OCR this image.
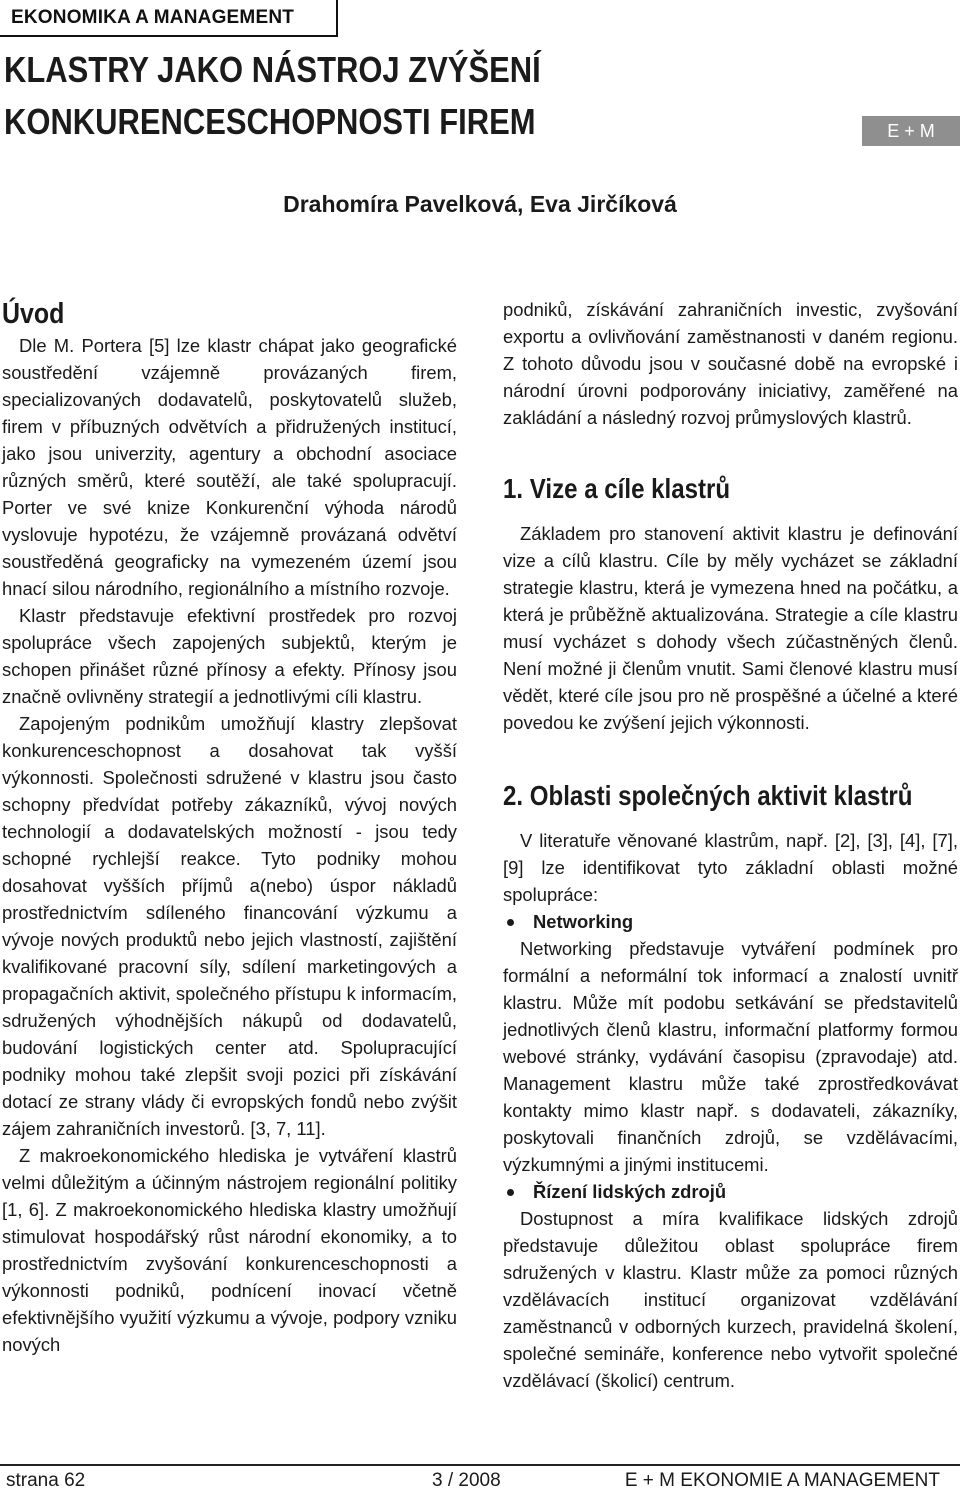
EKONOMIKA A MANAGEMENT
KLASTRY JAKO NÁSTROJ ZVÝŠENÍ
KONKURENCESCHOPNOSTI FIREM	E + M
Drahomíra Pavelková, Eva Jirčíková
Úvod

Dle M. Portera [5] lze klastr chápat jako geografické soustředění vzájemně provázaných firem, specializovaných dodavatelů, poskytovatelů služeb, firem v příbuzných odvětvích a přidružených institucí, jako jsou univerzity, agentury a obchodní asociace různých směrů, které soutěží, ale také spolupracují. Porter ve své knize Konkurenční výhoda národů vyslovuje hypotézu, že vzájemně provázaná odvětví soustředěná geograficky na vymezeném území jsou hnací silou národního, regionálního a místního rozvoje.

Klastr představuje efektivní prostředek pro rozvoj spolupráce všech zapojených subjektů, kterým je schopen přinášet různé přínosy a efekty. Přínosy jsou značně ovlivněny strategií a jednotlivými cíli klastru.

Zapojeným podnikům umožňují klastry zlepšovat konkurenceschopnost a dosahovat tak vyšší výkonnosti. Společnosti sdružené v klastru jsou často schopny předvídat potřeby zákazníků, vývoj nových technologií a dodavatelských možností - jsou tedy schopné rychlejší reakce. Tyto podniky mohou dosahovat vyšších příjmů a(nebo) úspor nákladů prostřednictvím sdíleného financování výzkumu a vývoje nových produktů nebo jejich vlastností, zajištění kvalifikované pracovní síly, sdílení marketingových a propagačních aktivit, společného přístupu k informacím, sdružených výhodnějších nákupů od dodavatelů, budování logistických center atd. Spolupracující podniky mohou také zlepšit svoji pozici při získávání dotací ze strany vlády či evropských fondů nebo zvýšit zájem zahraničních investorů. [3, 7, 11].

Z makroekonomického hlediska je vytváření klastrů velmi důležitým a účinným nástrojem regionální politiky [1, 6]. Z makroekonomického hlediska klastry umožňují stimulovat hospodářský růst národní ekonomiky, a to prostřednictvím zvyšování konkurenceschopnosti a výkonnosti podniků, podnícení inovací včetně efektivnějšího využití výzkumu a vývoje, podpory vzniku nových

podniků, získávání zahraničních investic, zvyšování exportu a ovlivňování zaměstnanosti v daném regionu. Z tohoto důvodu jsou v současné době na evropské i národní úrovni podporovány iniciativy, zaměřené na zakládání a následný rozvoj průmyslových klastrů.

1. Vize a cíle klastrů

Základem pro stanovení aktivit klastru je definování vize a cílů klastru. Cíle by měly vycházet se základní strategie klastru, která je vymezena hned na počátku, a která je průběžně aktualizována. Strategie a cíle klastru musí vycházet s dohody všech zúčastněných členů. Není možné ji členům vnutit. Sami členové klastru musí vědět, které cíle jsou pro ně prospěšné a účelné a které povedou ke zvýšení jejich výkonnosti.

2. Oblasti společných aktivit klastrů

V literatuře věnované klastrům, např. [2], [3], [4], [7], [9] lze identifikovat tyto základní oblasti možné spolupráce:

Networking

Networking představuje vytváření podmínek pro formální a neformální tok informací a znalostí uvnitř klastru. Může mít podobu setkávání se představitelů jednotlivých členů klastru, informační platformy formou webové stránky, vydávání časopisu (zpravodaje) atd. Management klastru může také zprostředkovávat kontakty mimo klastr např. s dodavateli, zákazníky, poskytovali finančních zdrojů, se vzdělávacími, výzkumnými a jinými institucemi.

Řízení lidských zdrojů

Dostupnost a míra kvalifikace lidských zdrojů představuje důležitou oblast spolupráce firem sdružených v klastru. Klastr může za pomoci různých vzdělávacích institucí organizovat vzdělávání zaměstnanců v odborných kurzech, pravidelná školení, společné semináře, konference nebo vytvořit společné vzdělávací (školicí) centrum.

strana 62	3 / 2008	E + M EKONOMIE A MANAGEMENT
